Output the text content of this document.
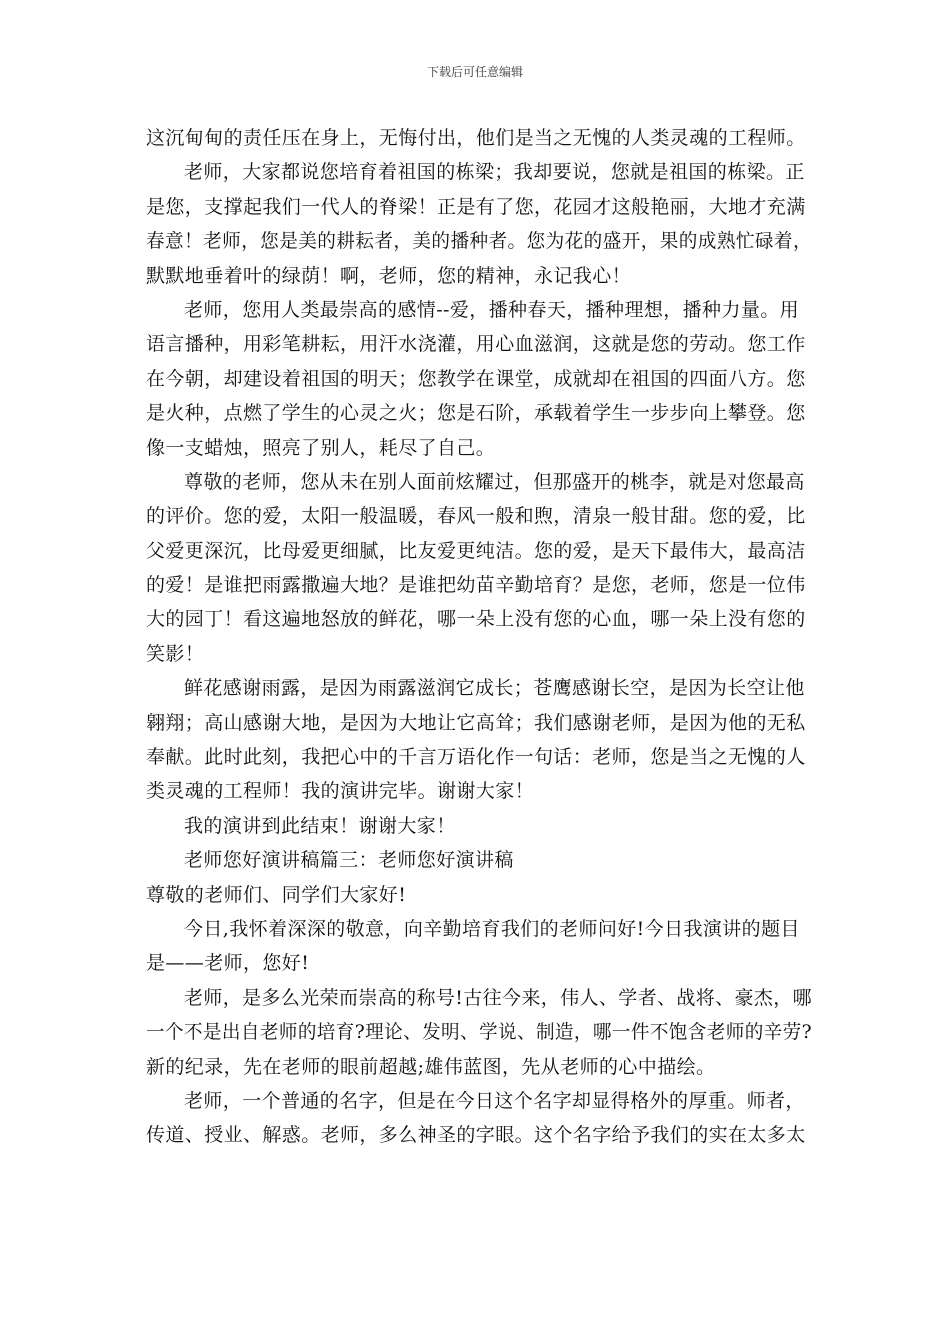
下载后可任意编辑
这沉甸甸的责任压在身上，无悔付出，他们是当之无愧的人类灵魂的工程师。
老师，大家都说您培育着祖国的栋梁；我却要说，您就是祖国的栋梁。正
是您，支撑起我们一代人的脊梁！正是有了您，花园才这般艳丽，大地才充满
春意！老师，您是美的耕耘者，美的播种者。您为花的盛开，果的成熟忙碌着，
默默地垂着叶的绿荫！啊，老师，您的精神，永记我心！
老师，您用人类最崇高的感情--爱，播种春天，播种理想，播种力量。用
语言播种，用彩笔耕耘，用汗水浇灌，用心血滋润，这就是您的劳动。您工作
在今朝，却建设着祖国的明天；您教学在课堂，成就却在祖国的四面八方。您
是火种，点燃了学生的心灵之火；您是石阶，承载着学生一步步向上攀登。您
像一支蜡烛，照亮了别人，耗尽了自己。
尊敬的老师，您从未在别人面前炫耀过，但那盛开的桃李，就是对您最高
的评价。您的爱，太阳一般温暖，春风一般和煦，清泉一般甘甜。您的爱，比
父爱更深沉，比母爱更细腻，比友爱更纯洁。您的爱，是天下最伟大，最高洁
的爱！是谁把雨露撒遍大地？是谁把幼苗辛勤培育？是您，老师，您是一位伟
大的园丁！看这遍地怒放的鲜花，哪一朵上没有您的心血，哪一朵上没有您的
笑影！
鲜花感谢雨露，是因为雨露滋润它成长；苍鹰感谢长空，是因为长空让他
翱翔；高山感谢大地，是因为大地让它高耸；我们感谢老师，是因为他的无私
奉献。此时此刻，我把心中的千言万语化作一句话：老师，您是当之无愧的人
类灵魂的工程师！我的演讲完毕。谢谢大家！
我的演讲到此结束！谢谢大家！
老师您好演讲稿篇三：老师您好演讲稿
尊敬的老师们、同学们大家好!
今日,我怀着深深的敬意，向辛勤培育我们的老师问好!今日我演讲的题目
是——老师，您好!
老师，是多么光荣而崇高的称号!古往今来，伟人、学者、战将、豪杰，哪
一个不是出自老师的培育?理论、发明、学说、制造，哪一件不饱含老师的辛劳?
新的纪录，先在老师的眼前超越;雄伟蓝图，先从老师的心中描绘。
老师，一个普通的名字，但是在今日这个名字却显得格外的厚重。师者，
传道、授业、解惑。老师，多么神圣的字眼。这个名字给予我们的实在太多太
